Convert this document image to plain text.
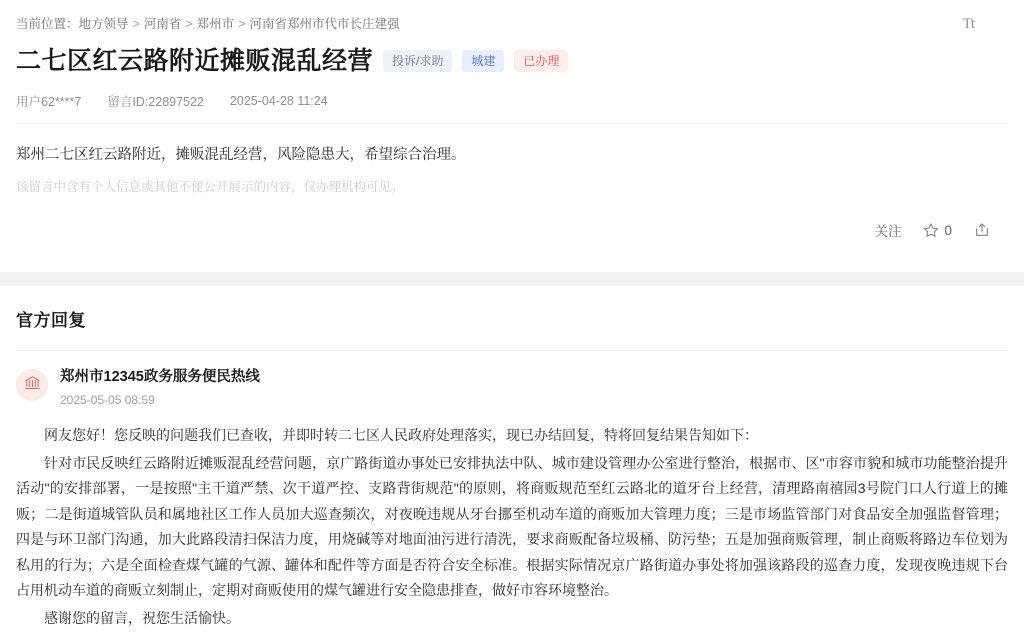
当前位置：地方领导 > 河南省 > 郑州市 > 河南省郑州市代市长庄建强	Tt
二七区红云路附近摊贩混乱经营	投诉/求助	城建	已办理
用户62****7 留言ID:22897522 2025-04-28 11:24
郑州二七区红云路附近，摊贩混乱经营，风险隐患大，希望综合治理。
该留言中含有个人信息或其他不便公开展示的内容，仅办理机构可见。
关注	0
官方回复
郑州市12345政务服务便民热线
2025-05-05 08:59

网友您好！您反映的问题我们已查收，并即时转二七区人民政府处理落实，现已办结回复，特将回复结果告知如下：

针对市民反映红云路附近摊贩混乱经营问题，京广路街道办事处已安排执法中队、城市建设管理办公室进行整治，根据市、区"市容市貌和城市功能整治提升活动"的安排部署，一是按照"主干道严禁、次干道严控、支路背街规范"的原则，将商贩规范至红云路北的道牙台上经营，清理路南禧园3号院门口人行道上的摊贩；二是街道城管队员和属地社区工作人员加大巡查频次，对夜晚违规从牙台挪至机动车道的商贩加大管理力度；三是市场监管部门对食品安全加强监督管理；四是与环卫部门沟通，加大此路段清扫保洁力度，用烧碱等对地面油污进行清洗，要求商贩配备垃圾桶、防污垫；五是加强商贩管理，制止商贩将路边车位划为私用的行为；六是全面检查煤气罐的气源、罐体和配件等方面是否符合安全标准。根据实际情况京广路街道办事处将加强该路段的巡查力度，发现夜晚违规下台占用机动车道的商贩立刻制止，定期对商贩使用的煤气罐进行安全隐患排查，做好市容环境整治。

感谢您的留言，祝您生活愉快。
